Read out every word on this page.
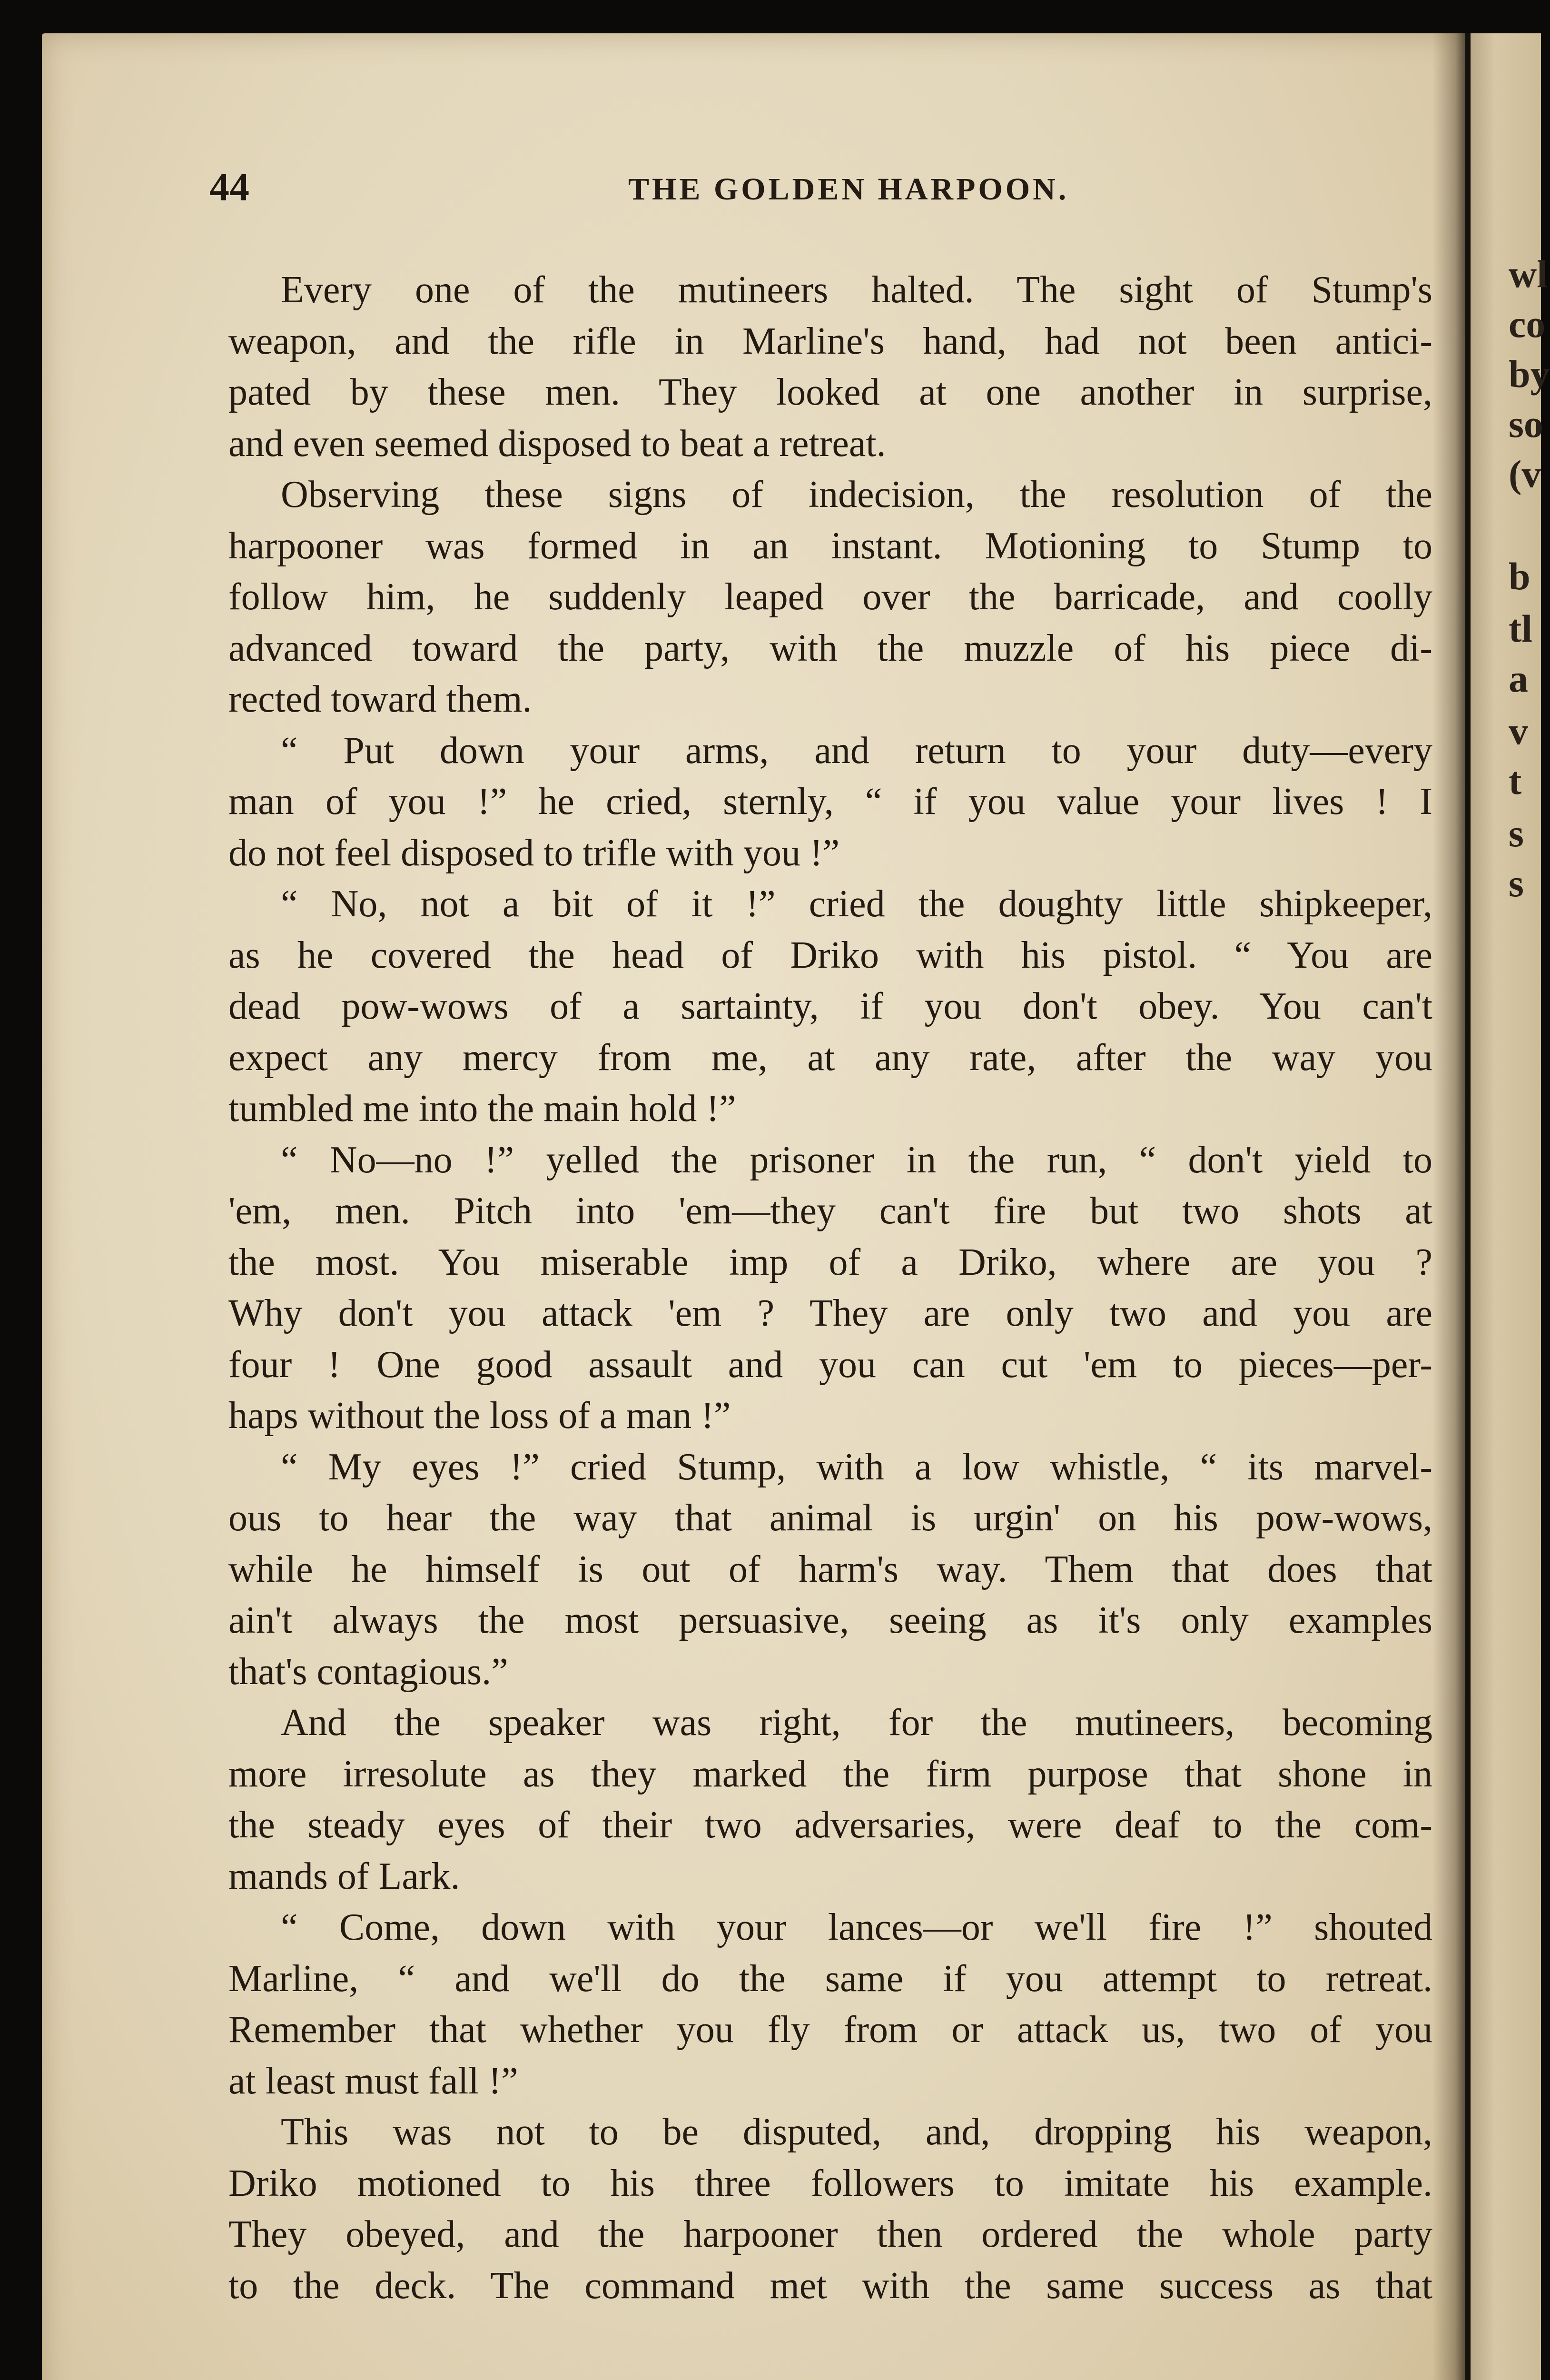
wl
co
by
so
(v
b
tl
a
v
t
s
s
44	THE GOLDEN HARPOON.
Every one of the mutineers halted. The sight of Stump's
weapon, and the rifle in Marline's hand, had not been antici-
pated by these men. They looked at one another in surprise,
and even seemed disposed to beat a retreat.
Observing these signs of indecision, the resolution of the
harpooner was formed in an instant. Motioning to Stump to
follow him, he suddenly leaped over the barricade, and coolly
advanced toward the party, with the muzzle of his piece di-
rected toward them.
“ Put down your arms, and return to your duty—every
man of you !” he cried, sternly, “ if you value your lives ! I
do not feel disposed to trifle with you !”
“ No, not a bit of it !” cried the doughty little shipkeeper,
as he covered the head of Driko with his pistol. “ You are
dead pow-wows of a sartainty, if you don't obey. You can't
expect any mercy from me, at any rate, after the way you
tumbled me into the main hold !”
“ No—no !” yelled the prisoner in the run, “ don't yield to
'em, men. Pitch into 'em—they can't fire but two shots at
the most. You miserable imp of a Driko, where are you ?
Why don't you attack 'em ? They are only two and you are
four ! One good assault and you can cut 'em to pieces—per-
haps without the loss of a man !”
“ My eyes !” cried Stump, with a low whistle, “ its marvel-
ous to hear the way that animal is urgin' on his pow-wows,
while he himself is out of harm's way. Them that does that
ain't always the most persuasive, seeing as it's only examples
that's contagious.”
And the speaker was right, for the mutineers, becoming
more irresolute as they marked the firm purpose that shone in
the steady eyes of their two adversaries, were deaf to the com-
mands of Lark.
“ Come, down with your lances—or we'll fire !” shouted
Marline, “ and we'll do the same if you attempt to retreat.
Remember that whether you fly from or attack us, two of you
at least must fall !”
This was not to be disputed, and, dropping his weapon,
Driko motioned to his three followers to imitate his example.
They obeyed, and the harpooner then ordered the whole party
to the deck. The command met with the same success as that
